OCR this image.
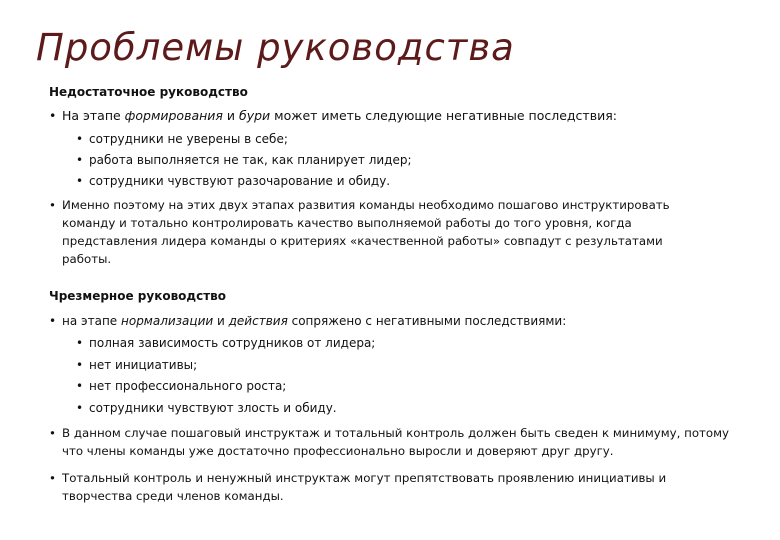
Проблемы руководства
Недостаточное руководство
• На этапе формирования и бури может иметь следующие негативные последствия:
• сотрудники не уверены в себе;
• работа выполняется не так, как планирует лидер;
• сотрудники чувствуют разочарование и обиду.
• Именно поэтому на этих двух этапах развития команды необходимо пошагово инструктировать
команду и тотально контролировать качество выполняемой работы до того уровня, когда
представления лидера команды о критериях «качественной работы» совпадут с результатами
работы.
Чрезмерное руководство
• на этапе нормализации и действия сопряжено с негативными последствиями:
• полная зависимость сотрудников от лидера;
• нет инициативы;
• нет профессионального роста;
• сотрудники чувствуют злость и обиду.
• В данном случае пошаговый инструктаж и тотальный контроль должен быть сведен к минимуму, потому
что члены команды уже достаточно профессионально выросли и доверяют друг другу.
• Тотальный контроль и ненужный инструктаж могут препятствовать проявлению инициативы и
творчества среди членов команды.
